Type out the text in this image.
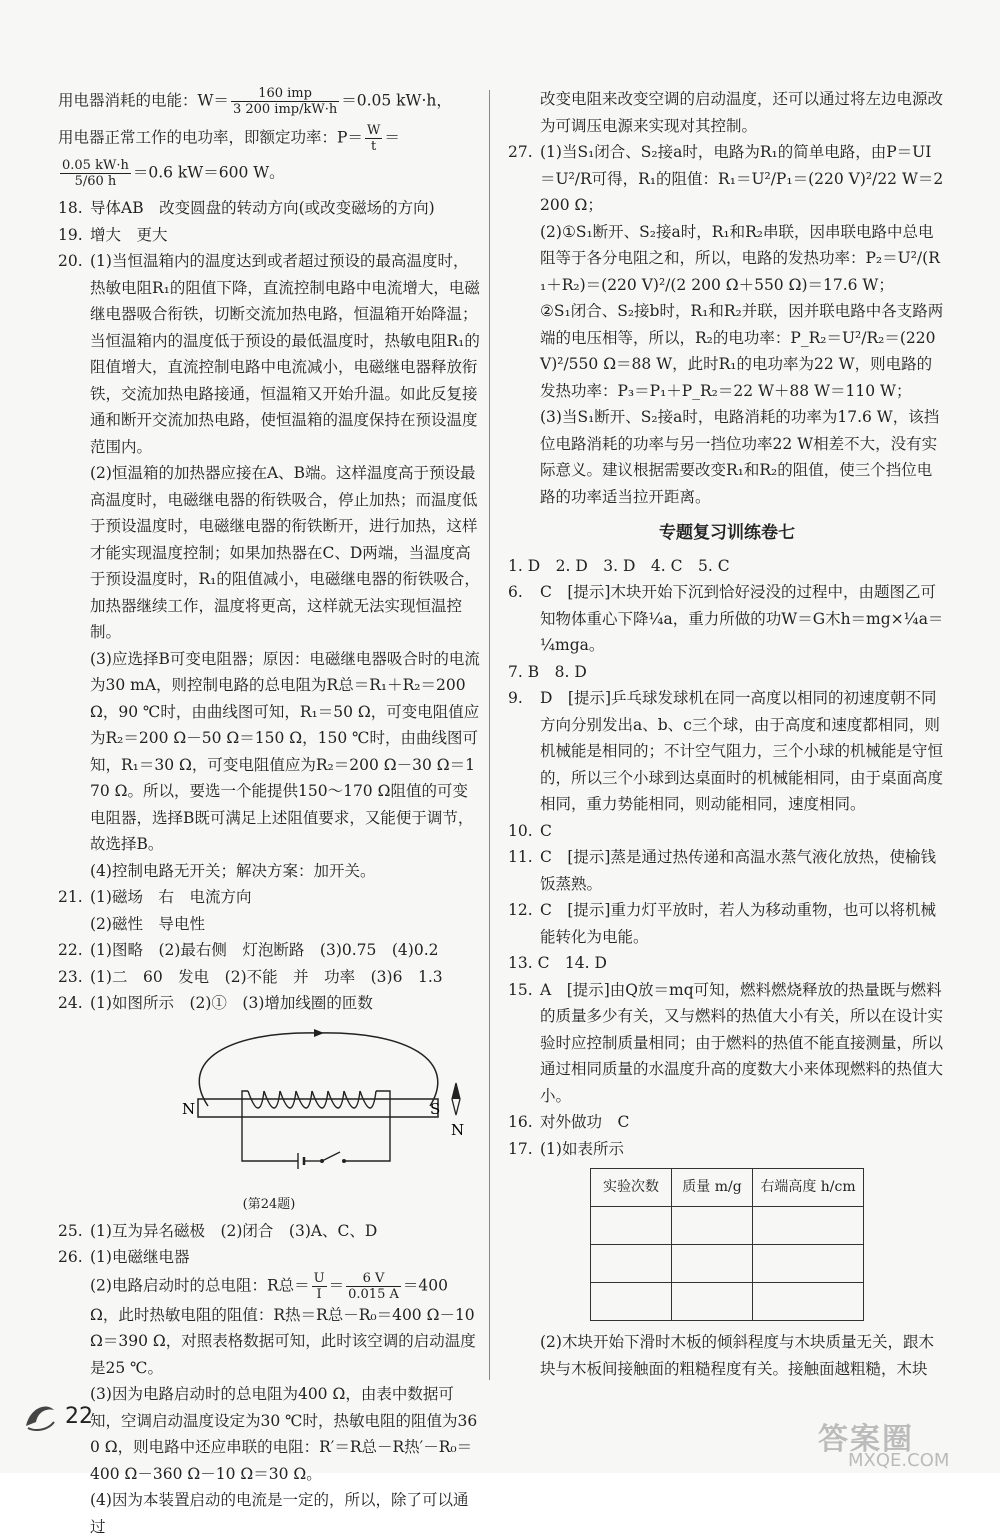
用电器消耗的电能：$W= \frac{\text{160 imp}}{\text{3 200 imp/kW·h}} =0.05$ kW·h，

用电器正常工作的电功率，即额定功率：$P= \frac{W}{t}$ ＝

$\frac{0.05 kW\cdot h}{5/60 h} =0.6$ kW＝600 W。

18. 导体AB　改变圆盘的转动方向(或改变磁场的方向)

19. 增大　更大

20. (1)当恒温箱内的温度达到或者超过预设的最高温度时，热敏电阻R₁的阻值下降，直流控制电路中电流增大，电磁继电器吸合衔铁，切断交流加热电路，恒温箱开始降温；当恒温箱内的温度低于预设的最低温度时，热敏电阻R₁的阻值增大，直流控制电路中电流减小，电磁继电器释放衔铁，交流加热电路接通，恒温箱又开始升温。如此反复接通和断开交流加热电路，使恒温箱的温度保持在预设温度范围内。

(2)恒温箱的加热器应接在A、B端。这样温度高于预设最高温度时，电磁继电器的衔铁吸合，停止加热；而温度低于预设温度时，电磁继电器的衔铁断开，进行加热，这样才能实现温度控制；如果加热器在C、D两端，当温度高于预设温度时，R₁的阻值减小，电磁继电器的衔铁吸合，加热器继续工作，温度将更高，这样就无法实现恒温控制。

(3)应选择B可变电阻器；原因：电磁继电器吸合时的电流为30 mA，则控制电路的总电阻为R总＝R₁＋R₂＝200 Ω，90 ℃时，由曲线图可知，R₁＝50 Ω，可变电阻值应为R₂＝200 Ω－50 Ω＝150 Ω，150 ℃时，由曲线图可知，R₁＝30 Ω，可变电阻值应为R₂＝200 Ω－30 Ω＝170 Ω。所以，要选一个能提供150～170 Ω阻值的可变电阻器，选择B既可满足上述阻值要求，又能便于调节，故选择B。

(4)控制电路无开关；解决方案：加开关。

21. (1)磁场　右　电流方向

(2)磁性　导电性

22. (1)图略　(2)最右侧　灯泡断路　(3)0.75　(4)0.2

23. (1)二　60　发电　(2)不能　并　功率　(3)6　1.3

24. (1)如图所示　(2)①　(3)增加线圈的匝数

N	S
N

(第24题)

25. (1)互为异名磁极　(2)闭合　(3)A、C、D

26. (1)电磁继电器

(2)电路启动时的总电阻：R总＝ $\frac{U}{I} = \frac{6 V}{0.015 A} =400$ Ω，此时热敏电阻的阻值：R热＝R总－R₀＝400 Ω－10 Ω＝390 Ω，对照表格数据可知，此时该空调的启动温度是25 ℃。

(3)因为电路启动时的总电阻为400 Ω，由表中数据可知，空调启动温度设定为30 ℃时，热敏电阻的阻值为360 Ω，则电路中还应串联的电阻：R′＝R总－R热′－R₀＝400 Ω－360 Ω－10 Ω＝30 Ω。

(4)因为本装置启动的电流是一定的，所以，除了可以通过

改变电阻来改变空调的启动温度，还可以通过将左边电源改为可调压电源来实现对其控制。

27. (1)当S₁闭合、S₂接a时，电路为R₁的简单电路，由P＝UI＝U²/R可得，R₁的阻值：R₁＝U²/P₁＝(220 V)²/22 W＝2 200 Ω；

(2)①S₁断开、S₂接a时，R₁和R₂串联，因串联电路中总电阻等于各分电阻之和，所以，电路的发热功率：P₂＝U²/(R₁＋R₂)＝(220 V)²/(2 200 Ω＋550 Ω)＝17.6 W；

②S₁闭合、S₂接b时，R₁和R₂并联，因并联电路中各支路两端的电压相等，所以，R₂的电功率：P_R₂＝U²/R₂＝(220 V)²/550 Ω＝88 W，此时R₁的电功率为22 W，则电路的发热功率：P₃＝P₁＋P_R₂＝22 W＋88 W＝110 W；

(3)当S₁断开、S₂接a时，电路消耗的功率为17.6 W，该挡位电路消耗的功率与另一挡位功率22 W相差不大，没有实际意义。建议根据需要改变R₁和R₂的阻值，使三个挡位电路的功率适当拉开距离。

专题复习训练卷七

1. D　2. D　3. D　4. C　5. C

6. C　[提示]木块开始下沉到恰好浸没的过程中，由题图乙可知物体重心下降¼a，重力所做的功W＝G木h＝mg×¼a＝¼mga。

7. B　8. D

9. D　[提示]乒乓球发球机在同一高度以相同的初速度朝不同方向分别发出a、b、c三个球，由于高度和速度都相同，则机械能是相同的；不计空气阻力，三个小球的机械能是守恒的，所以三个小球到达桌面时的机械能相同，由于桌面高度相同，重力势能相同，则动能相同，速度相同。

10. C

11. C　[提示]蒸是通过热传递和高温水蒸气液化放热，使榆钱饭蒸熟。

12. C　[提示]重力灯平放时，若人为移动重物，也可以将机械能转化为电能。

13. C　14. D

15. A　[提示]由Q放＝mq可知，燃料燃烧释放的热量既与燃料的质量多少有关，又与燃料的热值大小有关，所以在设计实验时应控制质量相同；由于燃料的热值不能直接测量，所以通过相同质量的水温度升高的度数大小来体现燃料的热值大小。

16. 对外做功　C

17. (1)如表所示

实验次数	质量 m/g	右端高度 h/cm

(2)木块开始下滑时木板的倾斜程度与木块质量无关，跟木块与木板间接触面的粗糙程度有关。接触面越粗糙，木块

22
答案圈
MXQE.COM
